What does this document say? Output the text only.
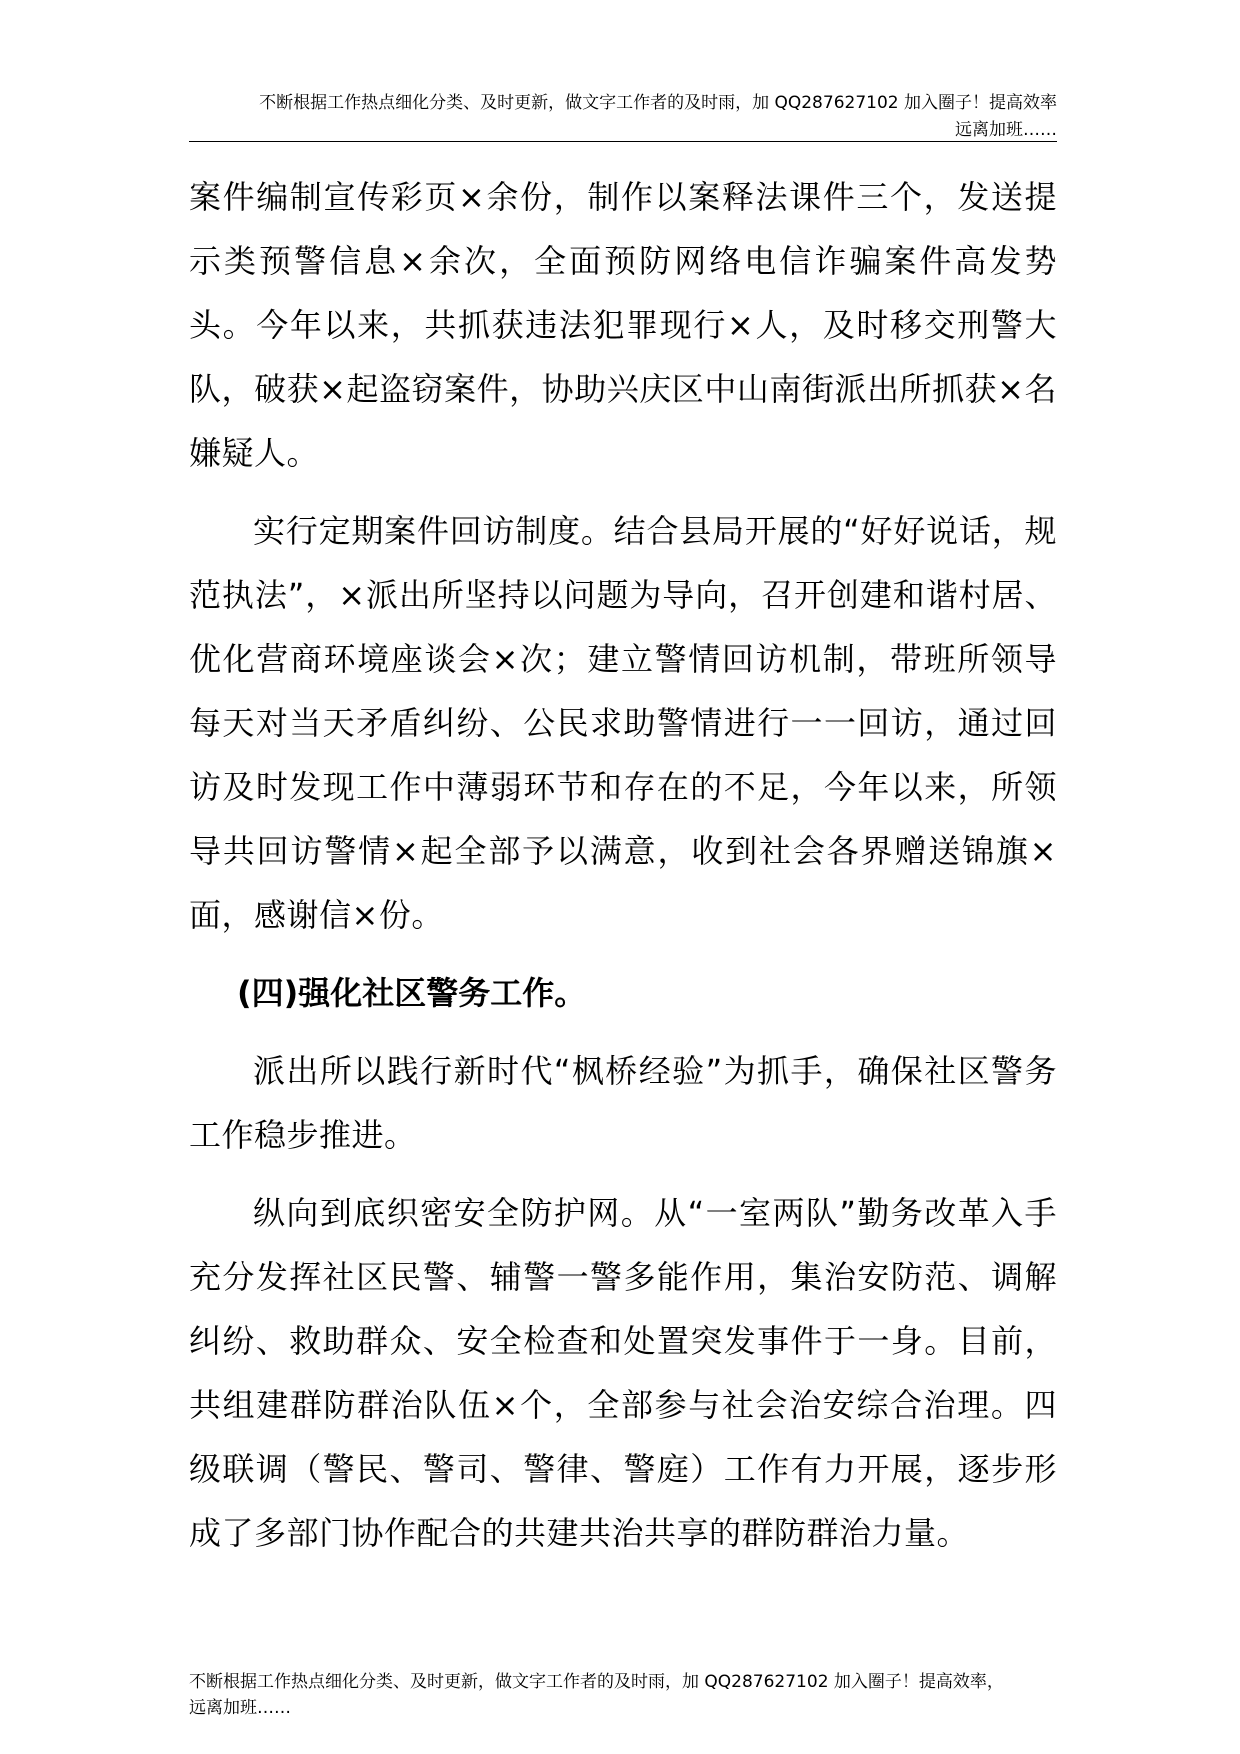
不断根据工作热点细化分类、及时更新，做文字工作者的及时雨，加 QQ287627102 加入圈子！提高效率
远离加班……

案件编制宣传彩页×余份，制作以案释法课件三个，发送提示类预警信息×余次，全面预防网络电信诈骗案件高发势头。今年以来，共抓获违法犯罪现行×人，及时移交刑警大队，破获×起盗窃案件，协助兴庆区中山南街派出所抓获×名嫌疑人。

实行定期案件回访制度。结合县局开展的“好好说话，规范执法”，×派出所坚持以问题为导向，召开创建和谐村居、优化营商环境座谈会×次；建立警情回访机制，带班所领导每天对当天矛盾纠纷、公民求助警情进行一一回访，通过回访及时发现工作中薄弱环节和存在的不足，今年以来，所领导共回访警情×起全部予以满意，收到社会各界赠送锦旗×面，感谢信×份。

(四)强化社区警务工作。

派出所以践行新时代“枫桥经验”为抓手，确保社区警务工作稳步推进。

纵向到底织密安全防护网。从“一室两队”勤务改革入手充分发挥社区民警、辅警一警多能作用，集治安防范、调解纠纷、救助群众、安全检查和处置突发事件于一身。目前，共组建群防群治队伍×个，全部参与社会治安综合治理。四级联调（警民、警司、警律、警庭）工作有力开展，逐步形成了多部门协作配合的共建共治共享的群防群治力量。

不断根据工作热点细化分类、及时更新，做文字工作者的及时雨，加 QQ287627102 加入圈子！提高效率，
远离加班……
